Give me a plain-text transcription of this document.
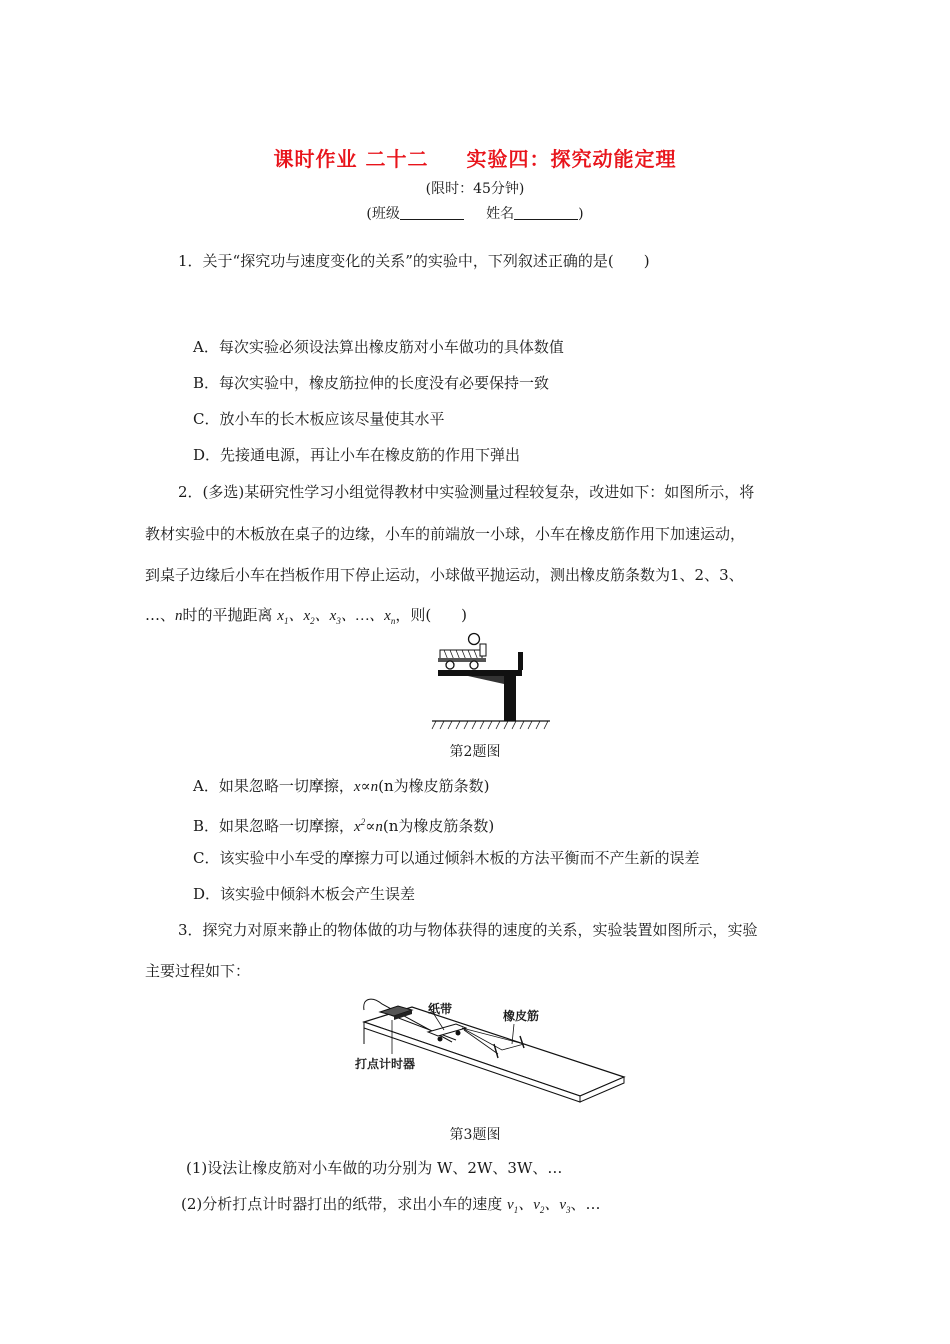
课时作业 二十二 实验四：探究动能定理
(限时：45分钟)
(班级	姓名	)
1．关于“探究功与速度变化的关系”的实验中，下列叙述正确的是(　　)
A．每次实验必须设法算出橡皮筋对小车做功的具体数值
B．每次实验中，橡皮筋拉伸的长度没有必要保持一致
C．放小车的长木板应该尽量使其水平
D．先接通电源，再让小车在橡皮筋的作用下弹出
2．(多选)某研究性学习小组觉得教材中实验测量过程较复杂，改进如下：如图所示，将
教材实验中的木板放在桌子的边缘，小车的前端放一小球，小车在橡皮筋作用下加速运动，
到桌子边缘后小车在挡板作用下停止运动，小球做平抛运动，测出橡皮筋条数为1、2、3、
…、n时的平抛距离 $x_1$、$x_2$、$x_3$、…、$x_n$，则(　　)
第2题图
A．如果忽略一切摩擦，x∝n(n为橡皮筋条数)
B．如果忽略一切摩擦，$x^2\propto n(n$为橡皮筋条数)
C．该实验中小车受的摩擦力可以通过倾斜木板的方法平衡而不产生新的误差
D．该实验中倾斜木板会产生误差
3．探究力对原来静止的物体做的功与物体获得的速度的关系，实验装置如图所示，实验
主要过程如下：
纸带	橡皮筋
打点计时器
第3题图
(1)设法让橡皮筋对小车做的功分别为 W、2W、3W、…
(2)分析打点计时器打出的纸带，求出小车的速度 $v_1$、$v_2$、$v_3$、…
